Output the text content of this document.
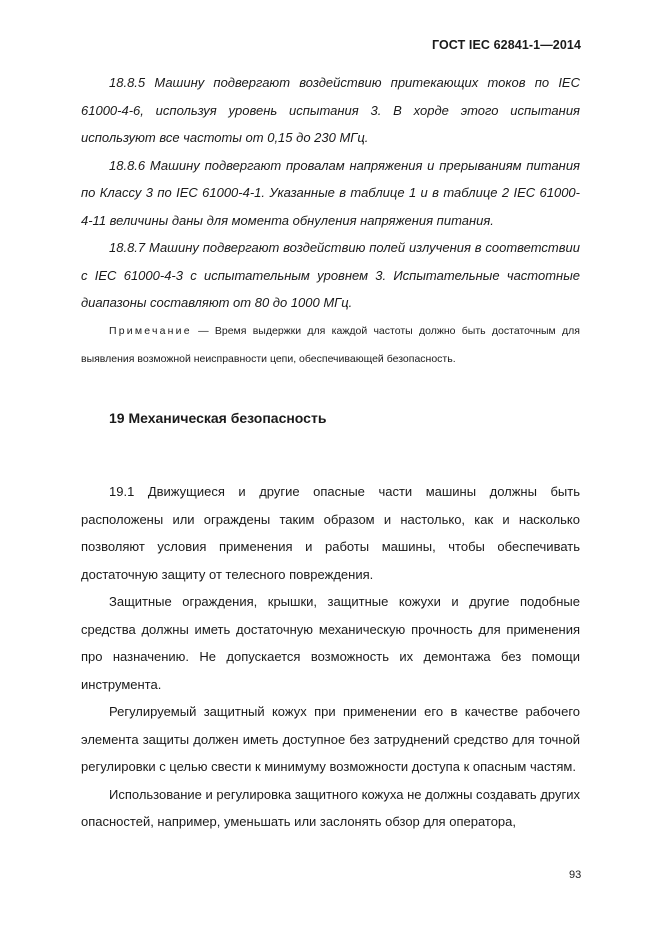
ГОСТ IEC 62841-1—2014

18.8.5 Машину подвергают воздействию притекающих токов по IEC 61000-4-6, используя уровень испытания 3. В хорде этого испытания используют все частоты от 0,15 до 230 МГц.

18.8.6 Машину подвергают провалам напряжения и прерываниям питания по Классу 3 по IEC 61000-4-1. Указанные в таблице 1 и в таблице 2 IEC 61000-4-11 величины даны для момента обнуления напряжения питания.

18.8.7 Машину подвергают воздействию полей излучения в соответствии с IEC 61000-4-3 с испытательным уровнем 3. Испытательные частотные диапазоны составляют от 80 до 1000 МГц.

Примечание — Время выдержки для каждой частоты должно быть достаточным для выявления возможной неисправности цепи, обеспечивающей безопасность.

19 Механическая безопасность

19.1 Движущиеся и другие опасные части машины должны быть расположены или ограждены таким образом и настолько, как и насколько позволяют условия применения и работы машины, чтобы обеспечивать достаточную защиту от телесного повреждения.

Защитные ограждения, крышки, защитные кожухи и другие подобные средства должны иметь достаточную механическую прочность для применения про назначению. Не допускается возможность их демонтажа без помощи инструмента.

Регулируемый защитный кожух при применении его в качестве рабочего элемента защиты должен иметь доступное без затруднений средство для точной регулировки с целью свести к минимуму возможности доступа к опасным частям.

Использование и регулировка защитного кожуха не должны создавать других опасностей, например, уменьшать или заслонять обзор для оператора,

93
